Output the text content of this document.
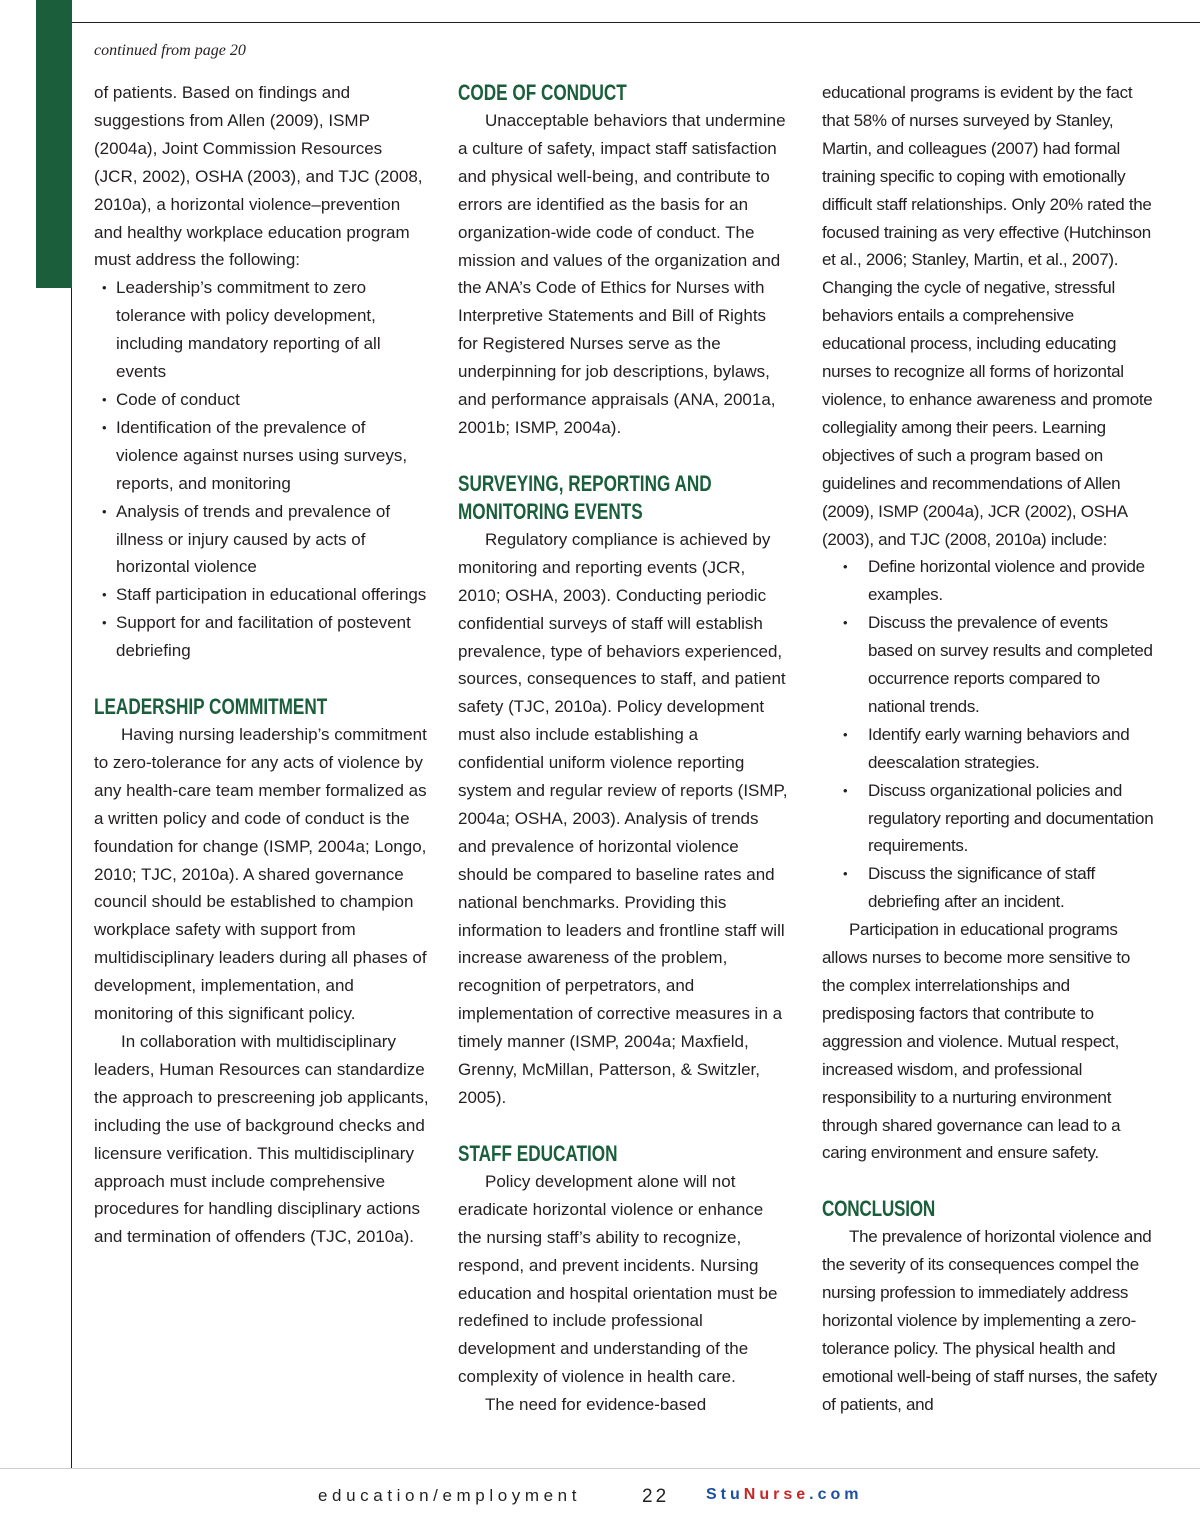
continued from page 20

of patients. Based on findings and suggestions from Allen (2009), ISMP (2004a), Joint Commission Resources (JCR, 2002), OSHA (2003), and TJC (2008, 2010a), a horizontal violence–prevention and healthy workplace education program must address the following:

• Leadership’s commitment to zero tolerance with policy development, including mandatory reporting of all events
• Code of conduct
• Identification of the prevalence of violence against nurses using surveys, reports, and monitoring
• Analysis of trends and prevalence of illness or injury caused by acts of horizontal violence
• Staff participation in educational offerings
• Support for and facilitation of postevent debriefing
LEADERSHIP COMMITMENT

Having nursing leadership’s commitment to zero-tolerance for any acts of violence by any health-care team member formalized as a written policy and code of conduct is the foundation for change (ISMP, 2004a; Longo, 2010; TJC, 2010a). A shared governance council should be established to champion workplace safety with support from multidisciplinary leaders during all phases of development, implementation, and monitoring of this significant policy.

In collaboration with multidisciplinary leaders, Human Resources can standardize the approach to prescreening job applicants, including the use of background checks and licensure verification. This multidisciplinary approach must include comprehensive procedures for handling disciplinary actions and termination of offenders (TJC, 2010a).

CODE OF CONDUCT

Unacceptable behaviors that undermine a culture of safety, impact staff satisfaction and physical well-being, and contribute to errors are identified as the basis for an organization-wide code of conduct. The mission and values of the organization and the ANA’s Code of Ethics for Nurses with Interpretive Statements and Bill of Rights for Registered Nurses serve as the underpinning for job descriptions, bylaws, and performance appraisals (ANA, 2001a, 2001b; ISMP, 2004a).

SURVEYING, REPORTING AND
MONITORING EVENTS

Regulatory compliance is achieved by monitoring and reporting events (JCR, 2010; OSHA, 2003). Conducting periodic confidential surveys of staff will establish prevalence, type of behaviors experienced, sources, consequences to staff, and patient safety (TJC, 2010a). Policy development must also include establishing a confidential uniform violence reporting system and regular review of reports (ISMP, 2004a; OSHA, 2003). Analysis of trends and prevalence of horizontal violence should be compared to baseline rates and national benchmarks. Providing this information to leaders and frontline staff will increase awareness of the problem, recognition of perpetrators, and implementation of corrective measures in a timely manner (ISMP, 2004a; Maxfield, Grenny, McMillan, Patterson, & Switzler, 2005).

STAFF EDUCATION

Policy development alone will not eradicate horizontal violence or enhance the nursing staff’s ability to recognize, respond, and prevent incidents. Nursing education and hospital orientation must be redefined to include professional development and understanding of the complexity of violence in health care.

The need for evidence-based

educational programs is evident by the fact that 58% of nurses surveyed by Stanley, Martin, and colleagues (2007) had formal training specific to coping with emotionally difficult staff relationships. Only 20% rated the focused training as very effective (Hutchinson et al., 2006; Stanley, Martin, et al., 2007). Changing the cycle of negative, stressful behaviors entails a comprehensive educational process, including educating nurses to recognize all forms of horizontal violence, to enhance awareness and promote collegiality among their peers. Learning objectives of such a program based on guidelines and recommendations of Allen (2009), ISMP (2004a), JCR (2002), OSHA (2003), and TJC (2008, 2010a) include:

• Define horizontal violence and provide examples.
• Discuss the prevalence of events based on survey results and completed occurrence reports compared to national trends.
• Identify early warning behaviors and deescalation strategies.
• Discuss organizational policies and regulatory reporting and documentation requirements.
• Discuss the significance of staff debriefing after an incident.

Participation in educational programs allows nurses to become more sensitive to the complex interrelationships and predisposing factors that contribute to aggression and violence. Mutual respect, increased wisdom, and professional responsibility to a nurturing environment through shared governance can lead to a caring environment and ensure safety.

CONCLUSION

The prevalence of horizontal violence and the severity of its consequences compel the nursing profession to immediately address horizontal violence by implementing a zero-tolerance policy. The physical health and emotional well-being of staff nurses, the safety of patients, and

education/employment	22 StuNurse.com
